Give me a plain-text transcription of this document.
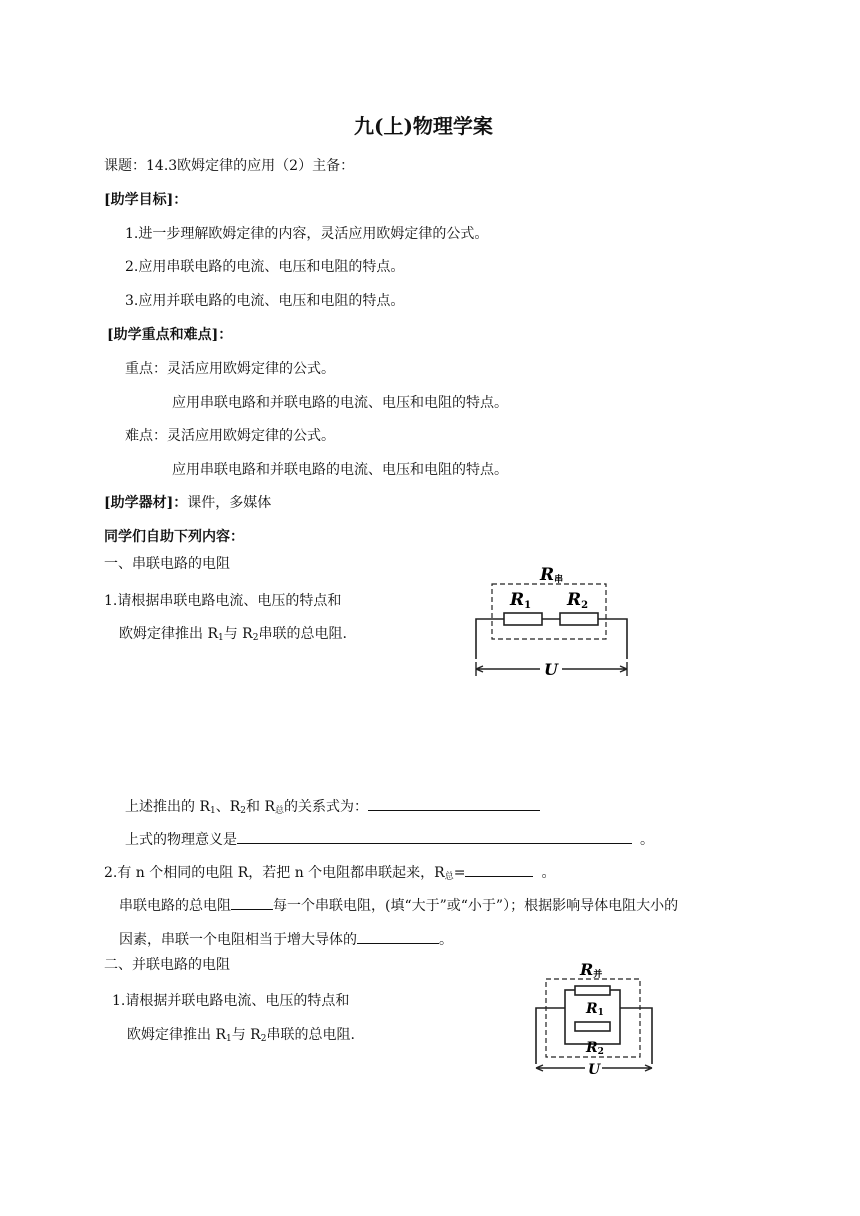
九(上)物理学案
课题：14.3欧姆定律的应用（2）主备：
[助学目标]：
1.进一步理解欧姆定律的内容，灵活应用欧姆定律的公式。
2.应用串联电路的电流、电压和电阻的特点。
3.应用并联电路的电流、电压和电阻的特点。
[助学重点和难点]：
重点：灵活应用欧姆定律的公式。
应用串联电路和并联电路的电流、电压和电阻的特点。
难点：灵活应用欧姆定律的公式。
应用串联电路和并联电路的电流、电压和电阻的特点。
[助学器材]：课件，多媒体
同学们自助下列内容：
一、串联电路的电阻
1.请根据串联电路电流、电压的特点和
欧姆定律推出 $R_1$与 $R_2$串联的总电阻.
R串
R1 R2
U
上述推出的 $R_1$、$R_2$和 $R_总$的关系式为：
上式的物理意义是	。
2.有 n 个相同的电阻 R，若把 n 个电阻都串联起来，$R_总=$	。
串联电路的总电阻	每一个串联电阻，(填“大于”或“小于”）；根据影响导体电阻大小的
因素，串联一个电阻相当于增大导体的	。
二、并联电路的电阻
1.请根据并联电路电流、电压的特点和
欧姆定律推出 $R_1$与 $R_2$串联的总电阻.
R并
R1
R2
U
